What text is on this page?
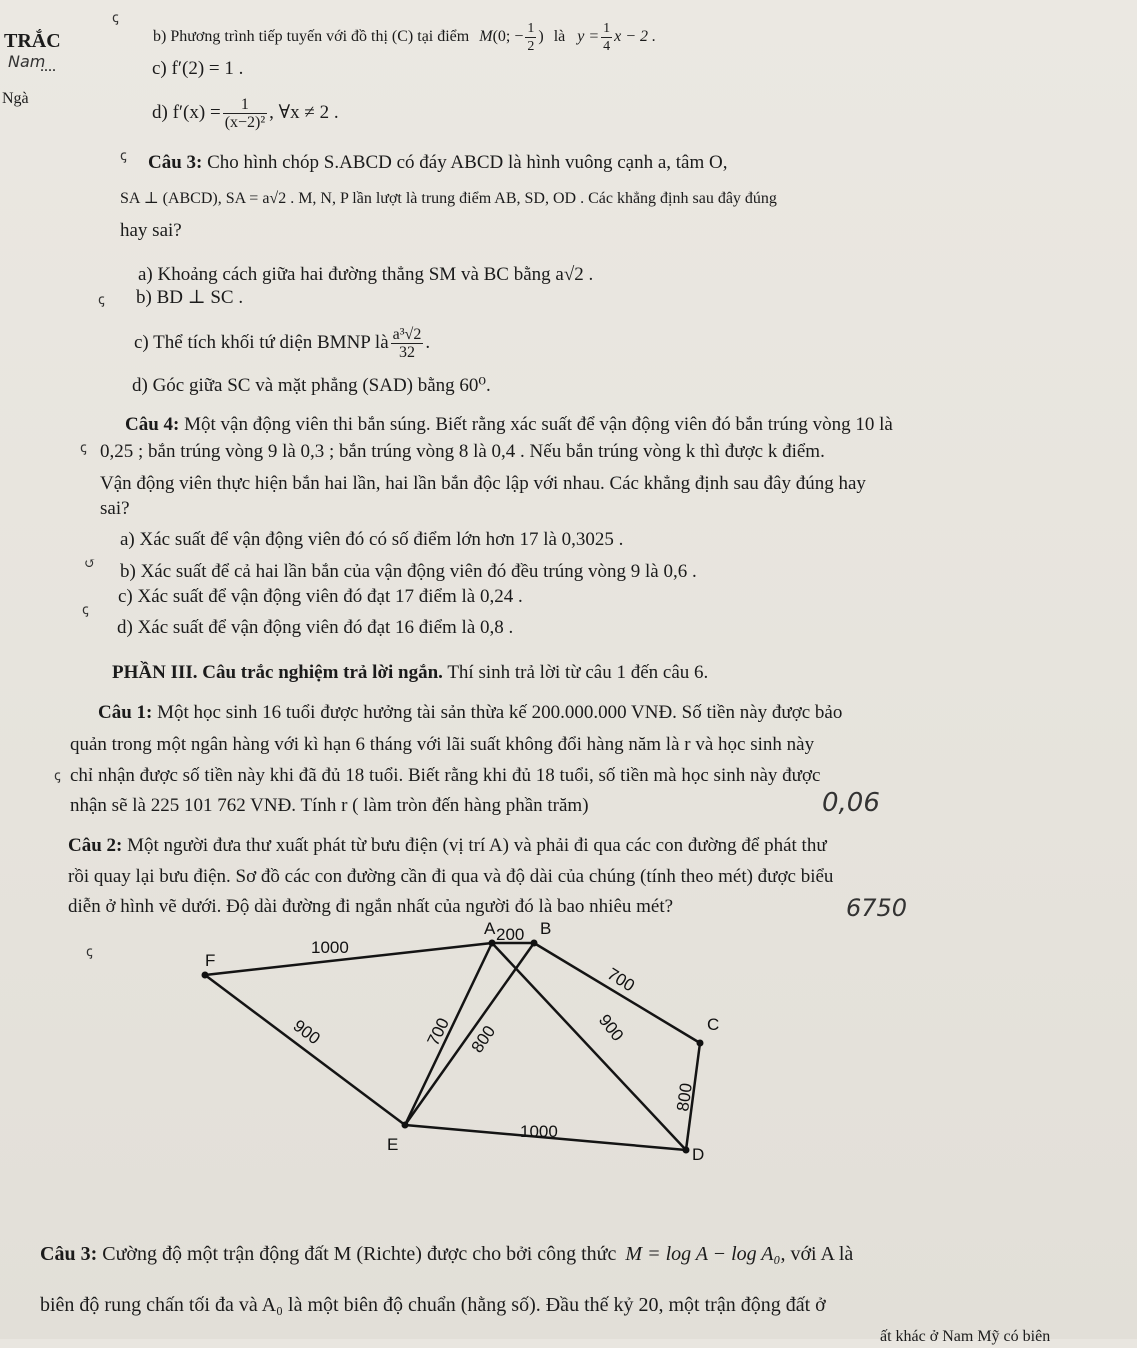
TRẮC
Nam
....
Ngà
ꞔ
ꞔ
ꞔ
ꞔ
↺
ꞔ
ꞔ
ꞔ
b) Phương trình tiếp tuyến với đồ thị (C) tại điểm M(0; − $\frac{1}{2}$ ) là $y = \frac{1}{4}$ x − 2 .
c) f′(2) = 1 .
d) $f'(x) = \frac{1}{\text{(x−2)²}}$ , ∀x ≠ 2 .
Câu 3: Cho hình chóp S.ABCD có đáy ABCD là hình vuông cạnh a, tâm O,
SA ⊥ (ABCD), SA = a√2 . M, N, P lần lượt là trung điểm AB, SD, OD . Các khẳng định sau đây đúng
hay sai?
a) Khoảng cách giữa hai đường thẳng SM và BC bằng a√2 .
b) BD ⊥ SC .
c) Thể tích khối tứ diện BMNP là $\frac{\text{a³√2}}{32}$ .
d) Góc giữa SC và mặt phẳng (SAD) bằng 60⁰.
Câu 4: Một vận động viên thi bắn súng. Biết rằng xác suất để vận động viên đó bắn trúng vòng 10 là
0,25 ; bắn trúng vòng 9 là 0,3 ; bắn trúng vòng 8 là 0,4 . Nếu bắn trúng vòng k thì được k điểm.
Vận động viên thực hiện bắn hai lần, hai lần bắn độc lập với nhau. Các khẳng định sau đây đúng hay
sai?
a) Xác suất để vận động viên đó có số điểm lớn hơn 17 là 0,3025 .
b) Xác suất để cả hai lần bắn của vận động viên đó đều trúng vòng 9 là 0,6 .
c) Xác suất để vận động viên đó đạt 17 điểm là 0,24 .
d) Xác suất để vận động viên đó đạt 16 điểm là 0,8 .
PHẦN III. Câu trắc nghiệm trả lời ngắn. Thí sinh trả lời từ câu 1 đến câu 6.
Câu 1: Một học sinh 16 tuổi được hưởng tài sản thừa kế 200.000.000 VNĐ. Số tiền này được bảo
quản trong một ngân hàng với kì hạn 6 tháng với lãi suất không đổi hàng năm là r và học sinh này
chỉ nhận được số tiền này khi đã đủ 18 tuổi. Biết rằng khi đủ 18 tuổi, số tiền mà học sinh này được
nhận sẽ là 225 101 762 VNĐ. Tính r ( làm tròn đến hàng phần trăm)	0,06
Câu 2: Một người đưa thư xuất phát từ bưu điện (vị trí A) và phải đi qua các con đường để phát thư
rồi quay lại bưu điện. Sơ đồ các con đường cần đi qua và độ dài của chúng (tính theo mét) được biểu
diễn ở hình vẽ dưới. Độ dài đường đi ngắn nhất của người đó là bao nhiêu mét?	6750
A	B
C
D
E
F
200
1000
700
900	700 800	900
800
1000
Câu 3: Cường độ một trận động đất M (Richte) được cho bởi công thức M = log A − log A₀, với A là
biên độ rung chấn tối đa và A₀ là một biên độ chuẩn (hằng số). Đầu thế kỷ 20, một trận động đất ở
ất khác ở Nam Mỹ có biên
